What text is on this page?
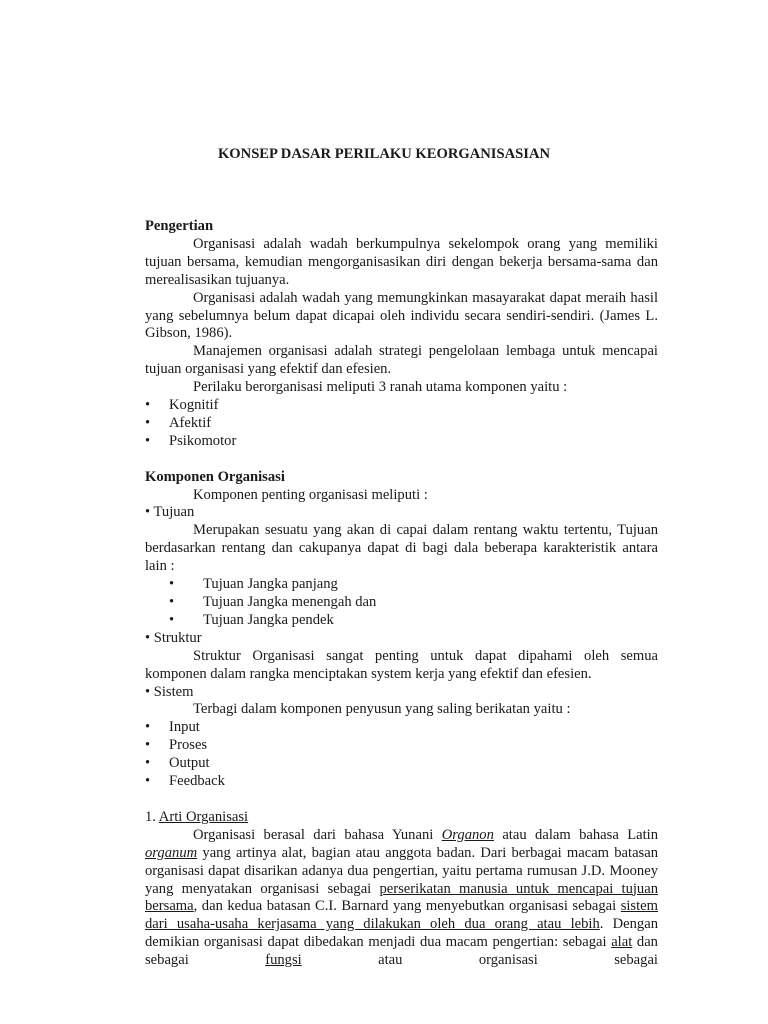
KONSEP DASAR PERILAKU KEORGANISASIAN
Pengertian
Organisasi adalah wadah berkumpulnya sekelompok orang yang memiliki tujuan bersama, kemudian mengorganisasikan diri dengan bekerja bersama-sama dan merealisasikan tujuanya.
Organisasi adalah wadah yang memungkinkan masayarakat dapat meraih hasil yang sebelumnya belum dapat dicapai oleh individu secara sendiri-sendiri. (James L. Gibson, 1986).
Manajemen organisasi adalah strategi pengelolaan lembaga untuk mencapai tujuan organisasi yang efektif dan efesien.
Perilaku berorganisasi meliputi 3 ranah utama komponen yaitu :
• Kognitif
• Afektif
• Psikomotor
Komponen Organisasi
Komponen penting organisasi meliputi :
• Tujuan
Merupakan sesuatu yang akan di capai dalam rentang waktu tertentu, Tujuan berdasarkan rentang dan cakupanya dapat di bagi dala beberapa karakteristik antara lain :
• Tujuan Jangka panjang
• Tujuan Jangka menengah dan
• Tujuan Jangka pendek
• Struktur
Struktur Organisasi sangat penting untuk dapat dipahami oleh semua komponen dalam rangka menciptakan system kerja yang efektif dan efesien.
• Sistem
Terbagi dalam komponen penyusun yang saling berikatan yaitu :
• Input
• Proses
• Output
• Feedback
1. Arti Organisasi
Organisasi berasal dari bahasa Yunani Organon atau dalam bahasa Latin organum yang artinya alat, bagian atau anggota badan. Dari berbagai macam batasan organisasi dapat disarikan adanya dua pengertian, yaitu pertama rumusan J.D. Mooney yang menyatakan organisasi sebagai perserikatan manusia untuk mencapai tujuan bersama, dan kedua batasan C.I. Barnard yang menyebutkan organisasi sebagai sistem dari usaha-usaha kerjasama yang dilakukan oleh dua orang atau lebih. Dengan demikian organisasi dapat dibedakan menjadi dua macam pengertian: sebagai alat dan sebagai	fungsi	atau organisasi sebagai
